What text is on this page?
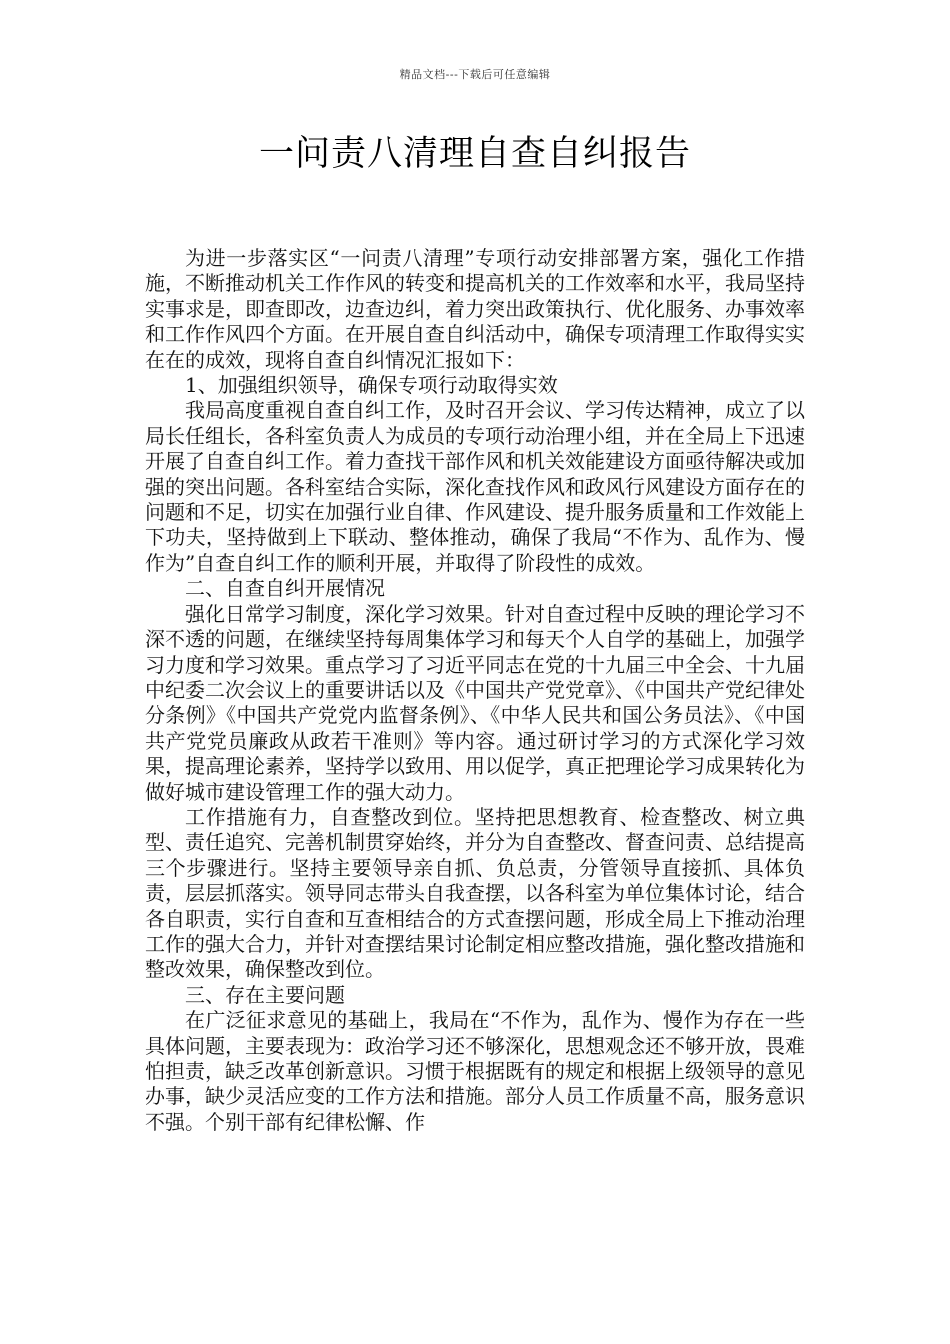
精品文档---下载后可任意编辑
一问责八清理自查自纠报告

为进一步落实区“一问责八清理”专项行动安排部署方案，强化工作措施，不断推动机关工作作风的转变和提高机关的工作效率和水平，我局坚持实事求是，即查即改，边查边纠，着力突出政策执行、优化服务、办事效率和工作作风四个方面。在开展自查自纠活动中，确保专项清理工作取得实实在在的成效，现将自查自纠情况汇报如下：

1、加强组织领导，确保专项行动取得实效

我局高度重视自查自纠工作，及时召开会议、学习传达精神，成立了以局长任组长，各科室负责人为成员的专项行动治理小组，并在全局上下迅速开展了自查自纠工作。着力查找干部作风和机关效能建设方面亟待解决或加强的突出问题。各科室结合实际，深化查找作风和政风行风建设方面存在的问题和不足，切实在加强行业自律、作风建设、提升服务质量和工作效能上下功夫，坚持做到上下联动、整体推动，确保了我局“不作为、乱作为、慢作为”自查自纠工作的顺利开展，并取得了阶段性的成效。

二、自查自纠开展情况

强化日常学习制度，深化学习效果。针对自查过程中反映的理论学习不深不透的问题，在继续坚持每周集体学习和每天个人自学的基础上，加强学习力度和学习效果。重点学习了习近平同志在党的十九届三中全会、十九届中纪委二次会议上的重要讲话以及《中国共产党党章》、《中国共产党纪律处分条例》《中国共产党党内监督条例》、《中华人民共和国公务员法》、《中国共产党党员廉政从政若干准则》等内容。通过研讨学习的方式深化学习效果，提高理论素养，坚持学以致用、用以促学，真正把理论学习成果转化为做好城市建设管理工作的强大动力。

工作措施有力，自查整改到位。坚持把思想教育、检查整改、树立典型、责任追究、完善机制贯穿始终，并分为自查整改、督查问责、总结提高三个步骤进行。坚持主要领导亲自抓、负总责，分管领导直接抓、具体负责，层层抓落实。领导同志带头自我查摆，以各科室为单位集体讨论，结合各自职责，实行自查和互查相结合的方式查摆问题，形成全局上下推动治理工作的强大合力，并针对查摆结果讨论制定相应整改措施，强化整改措施和整改效果，确保整改到位。

三、存在主要问题

在广泛征求意见的基础上，我局在“不作为，乱作为、慢作为存在一些具体问题，主要表现为：政治学习还不够深化，思想观念还不够开放，畏难怕担责，缺乏改革创新意识。习惯于根据既有的规定和根据上级领导的意见办事，缺少灵活应变的工作方法和措施。部分人员工作质量不高，服务意识不强。个别干部有纪律松懈、作
